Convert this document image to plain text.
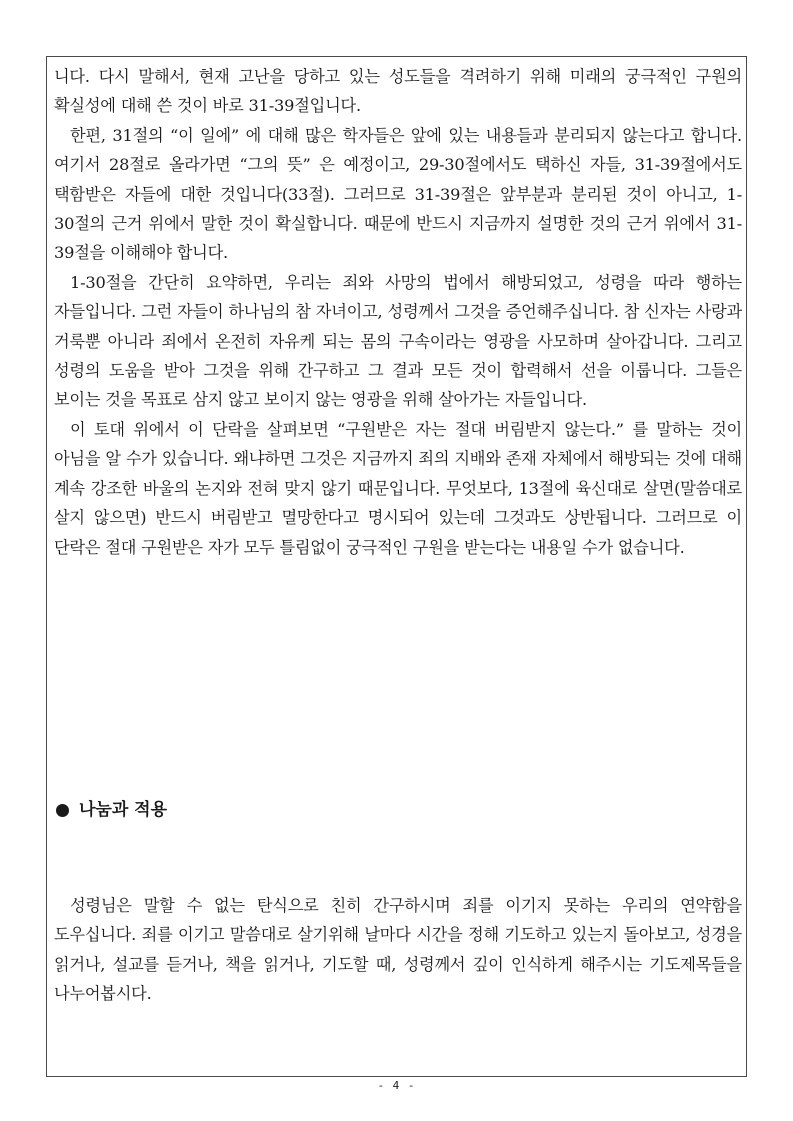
니다. 다시 말해서, 현재 고난을 당하고 있는 성도들을 격려하기 위해 미래의 궁극적인 구원의 확실성에 대해 쓴 것이 바로 31-39절입니다.

한편, 31절의 “이 일에” 에 대해 많은 학자들은 앞에 있는 내용들과 분리되지 않는다고 합니다. 여기서 28절로 올라가면 “그의 뜻” 은 예정이고, 29-30절에서도 택하신 자들, 31-39절에서도 택함받은 자들에 대한 것입니다(33절). 그러므로 31-39절은 앞부분과 분리된 것이 아니고, 1-30절의 근거 위에서 말한 것이 확실합니다. 때문에 반드시 지금까지 설명한 것의 근거 위에서 31-39절을 이해해야 합니다.

1-30절을 간단히 요약하면, 우리는 죄와 사망의 법에서 해방되었고, 성령을 따라 행하는 자들입니다. 그런 자들이 하나님의 참 자녀이고, 성령께서 그것을 증언해주십니다. 참 신자는 사랑과 거룩뿐 아니라 죄에서 온전히 자유케 되는 몸의 구속이라는 영광을 사모하며 살아갑니다. 그리고 성령의 도움을 받아 그것을 위해 간구하고 그 결과 모든 것이 합력해서 선을 이룹니다. 그들은 보이는 것을 목표로 삼지 않고 보이지 않는 영광을 위해 살아가는 자들입니다.

이 토대 위에서 이 단락을 살펴보면 “구원받은 자는 절대 버림받지 않는다.” 를 말하는 것이 아님을 알 수가 있습니다. 왜냐하면 그것은 지금까지 죄의 지배와 존재 자체에서 해방되는 것에 대해 계속 강조한 바울의 논지와 전혀 맞지 않기 때문입니다. 무엇보다, 13절에 육신대로 살면(말씀대로 살지 않으면) 반드시 버림받고 멸망한다고 명시되어 있는데 그것과도 상반됩니다. 그러므로 이 단락은 절대 구원받은 자가 모두 틀림없이 궁극적인 구원을 받는다는 내용일 수가 없습니다.

나눔과 적용

성령님은 말할 수 없는 탄식으로 친히 간구하시며 죄를 이기지 못하는 우리의 연약함을 도우십니다. 죄를 이기고 말씀대로 살기위해 날마다 시간을 정해 기도하고 있는지 돌아보고, 성경을 읽거나, 설교를 듣거나, 책을 읽거나, 기도할 때, 성령께서 깊이 인식하게 해주시는 기도제목들을 나누어봅시다.

- 4 -
